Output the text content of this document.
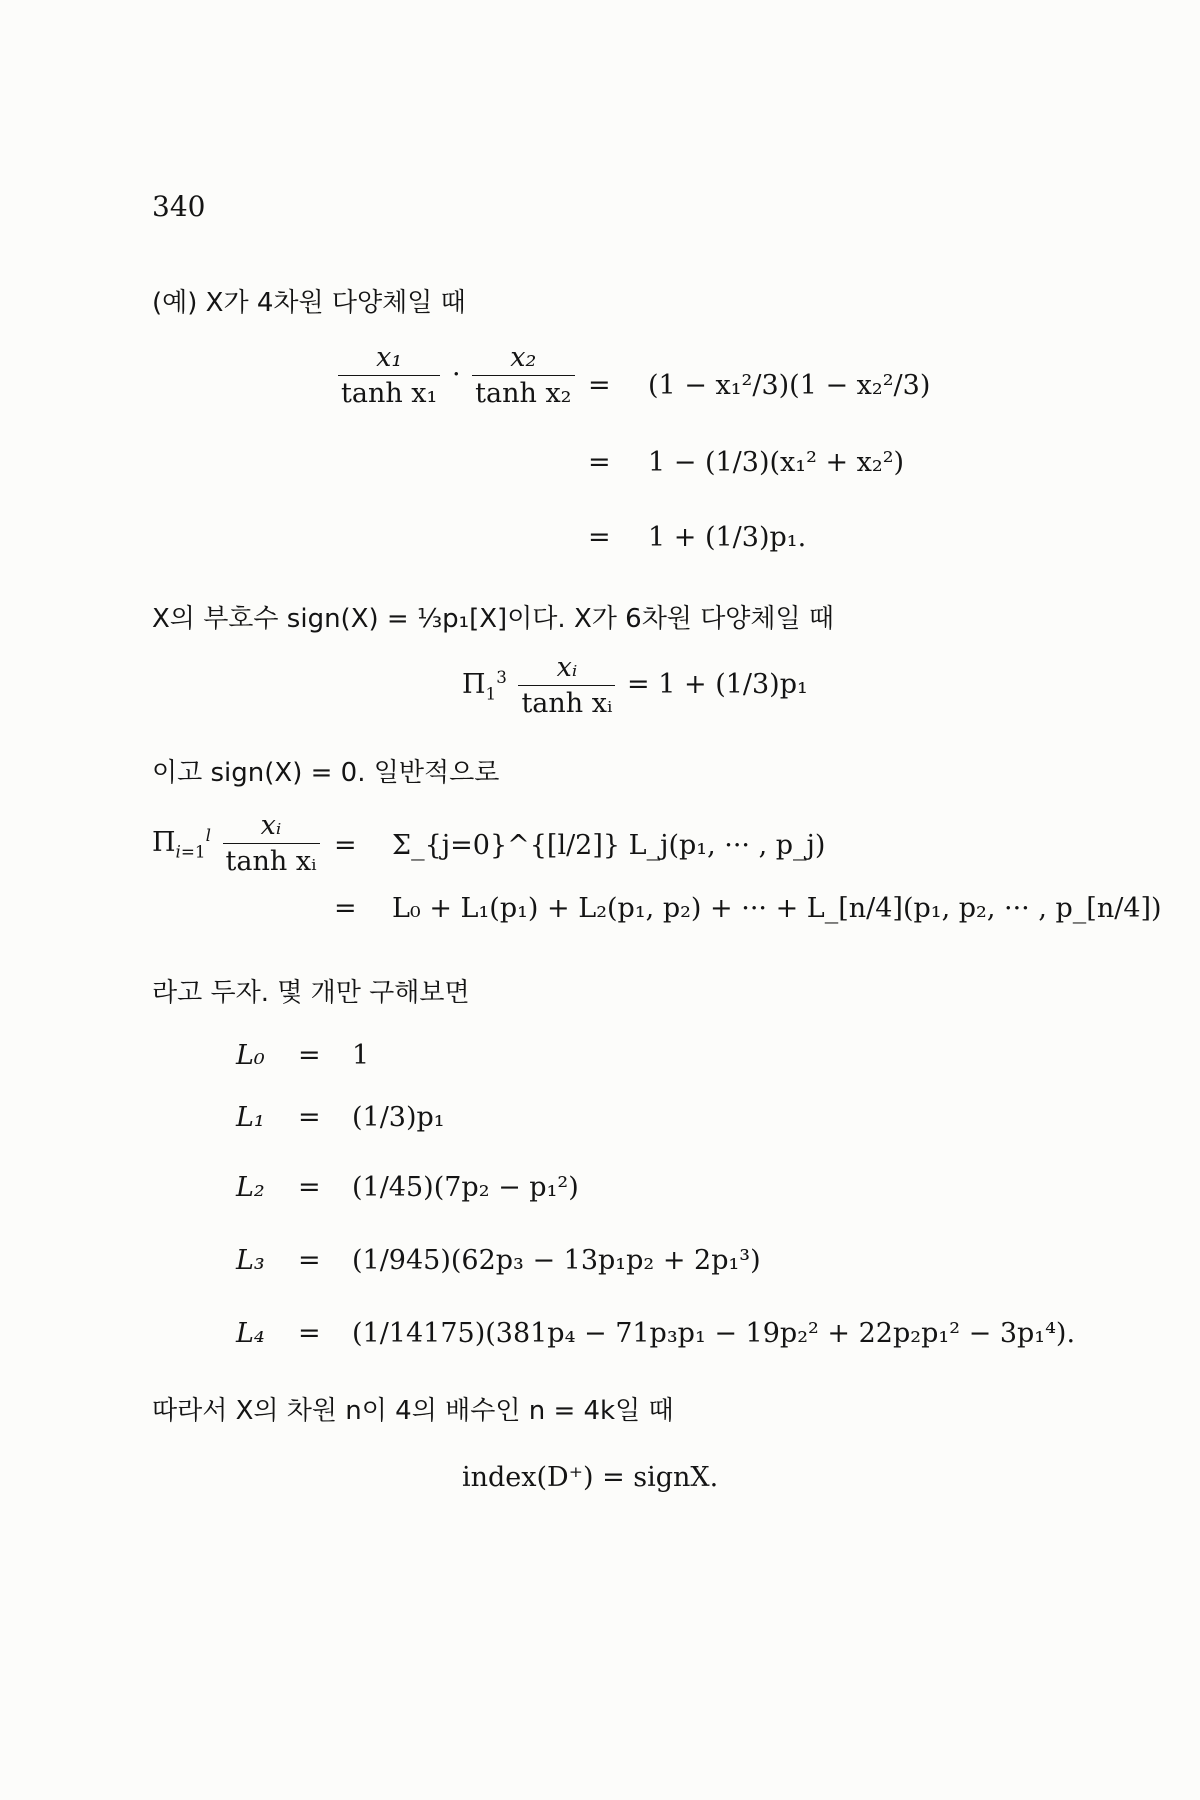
340
(예) X가 4차원 다양체일 때
$\frac{\text{x₁}}{\text{tanh x₁}} \cdot \frac{\text{x₂}}{\text{tanh x₂}} = (1 - x_1^2/3)(1 - x_2^2/3)$
= 1 − (1/3)(x₁² + x₂²)
= 1 + (1/3)p₁.
X의 부호수 sign(X) = ⅓p₁[X]이다. X가 6차원 다양체일 때
$\Pi_1^3 \frac{\text{xᵢ}}{\text{tanh xᵢ}} = 1 + (1/3)p_1$
이고 sign(X) = 0. 일반적으로
$\Pi_{i=1}^l \frac{\text{xᵢ}}{\text{tanh xᵢ}}$ = Σ_{j=0}^{[l/2]} L_j(p₁, ··· , p_j)
= L₀ + L₁(p₁) + L₂(p₁, p₂) + ··· + L_[n/4](p₁, p₂, ··· , p_[n/4])
라고 두자. 몇 개만 구해보면
L₀ = 1
L₁ = (1/3)p₁
L₂ = (1/45)(7p₂ − p₁²)
L₃ = (1/945)(62p₃ − 13p₁p₂ + 2p₁³)
L₄ = (1/14175)(381p₄ − 71p₃p₁ − 19p₂² + 22p₂p₁² − 3p₁⁴).
따라서 X의 차원 n이 4의 배수인 n = 4k일 때
index(D⁺) = signX.
